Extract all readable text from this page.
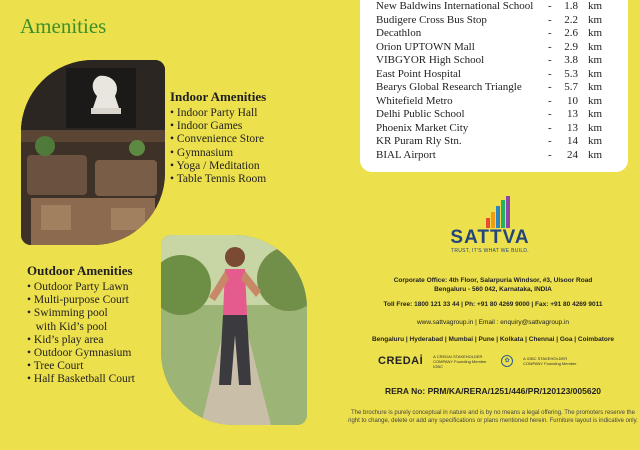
Amenities
Indoor Amenities
• Indoor Party Hall
• Indoor Games
• Convenience Store
• Gymnasium
• Yoga / Meditation
• Table Tennis Room
Outdoor Amenities
• Outdoor Party Lawn
• Multi-purpose Court
• Swimming pool
with Kid’s pool
• Kid’s play area
• Outdoor Gymnasium
• Tree Court
• Half Basketball Court
New Baldwins International School	-	1.8 km
Budigere Cross Bus Stop	-	2.2 km
Decathlon	-	2.6 km
Orion UPTOWN Mall	-	2.9 km
VIBGYOR High School	-	3.8 km
East Point Hospital	-	5.3 km
Bearys Global Research Triangle	-	5.7 km
Whitefield Metro	-	10 km
Delhi Public School	-	13 km
Phoenix Market City	-	13 km
KR Puram Rly Stn.	-	14 km
BIAL Airport	-	24 km
SATTVA
TRUST, IT'S WHAT WE BUILD.
Corporate Office: 4th Floor, Salarpuria Windsor, #3, Ulsoor Road
Bengaluru - 560 042, Karnataka, INDIA
Toll Free: 1800 121 33 44 | Ph: +91 80 4269 9000 | Fax: +91 80 4269 9011
www.sattvagroup.in | Email : enquiry@sattvagroup.in
Bengaluru | Hyderabad | Mumbai | Pune | Kolkata | Chennai | Goa | Coimbatore
CREDAİ	A CREDAI STAKEHOLDER COMPANY Founding Member IGBC
✿	A IGBC STAKEHOLDER COMPANY Founding Member
RERA No: PRM/KA/RERA/1251/446/PR/120123/005620
The brochure is purely conceptual in nature and is by no means a legal offering. The promoters reserve the right to change, delete or add any specifications or plans mentioned herein. Furniture layout is indicative only.
